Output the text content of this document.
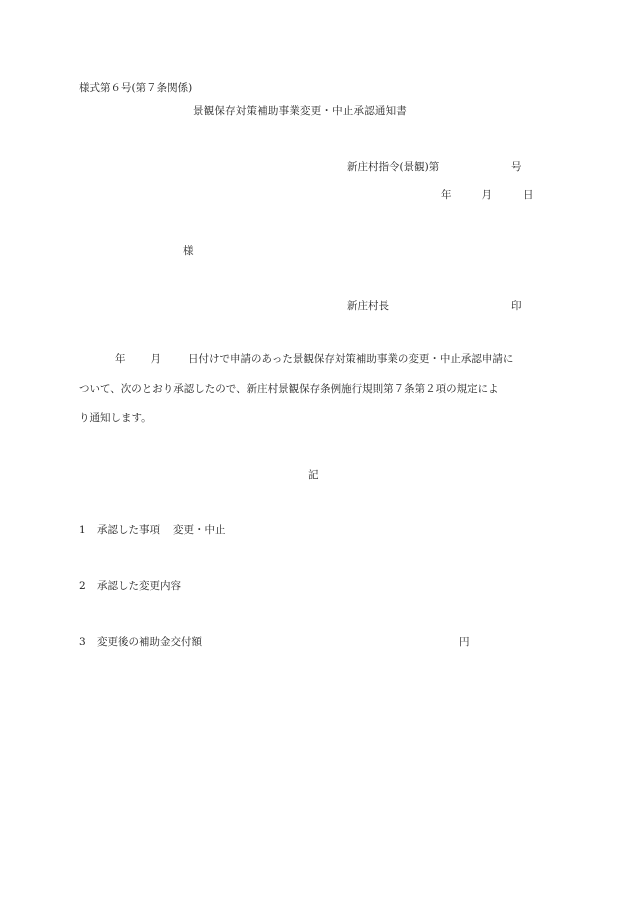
様式第６号(第７条関係)
景観保存対策補助事業変更・中止承認通知書
新庄村指令(景観)第	号
年	月	日
様
新庄村長	印
年 月	日付けで申請のあった景観保存対策補助事業の変更・中止承認申請に
ついて、次のとおり承認したので、新庄村景観保存条例施行規則第７条第２項の規定によ
り通知します。
記
1 承認した事項 変更・中止
2 承認した変更内容
3 変更後の補助金交付額	円
